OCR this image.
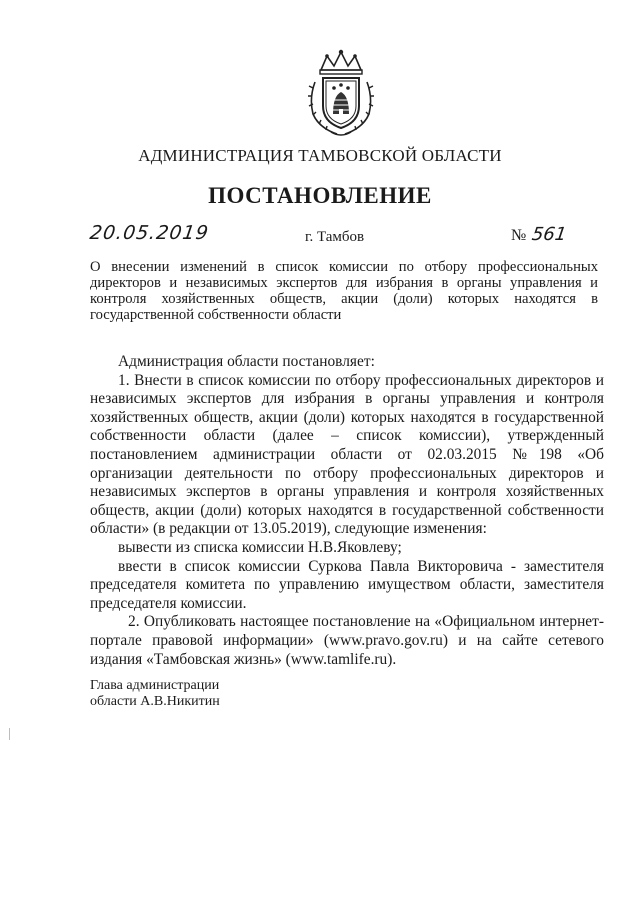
АДМИНИСТРАЦИЯ ТАМБОВСКОЙ ОБЛАСТИ
ПОСТАНОВЛЕНИЕ
20.05.2019	г. Тамбов	№ 561
О внесении изменений в список комиссии по отбору профессиональных директоров и независимых экспертов для избрания в органы управления и контроля хозяйственных обществ, акции (доли) которых находятся в государственной собственности области

Администрация области постановляет:

1. Внести в список комиссии по отбору профессиональных директоров и независимых экспертов для избрания в органы управления и контроля хозяйственных обществ, акции (доли) которых находятся в государственной собственности области (далее – список комиссии), утвержденный постановлением администрации области от 02.03.2015 №198 «Об организации деятельности по отбору профессиональных директоров и независимых экспертов в органы управления и контроля хозяйственных обществ, акции (доли) которых находятся в государственной собственности области» (в редакции от 13.05.2019), следующие изменения:

вывести из списка комиссии Н.В.Яковлеву;

ввести в список комиссии Суркова Павла Викторовича - заместителя председателя комитета по управлению имуществом области, заместителя председателя комиссии.

2. Опубликовать настоящее постановление на «Официальном интернет-портале правовой информации» (www.pravo.gov.ru) и на сайте сетевого издания «Тамбовская жизнь» (www.tamlife.ru).

Глава администрации
области А.В.Никитин
